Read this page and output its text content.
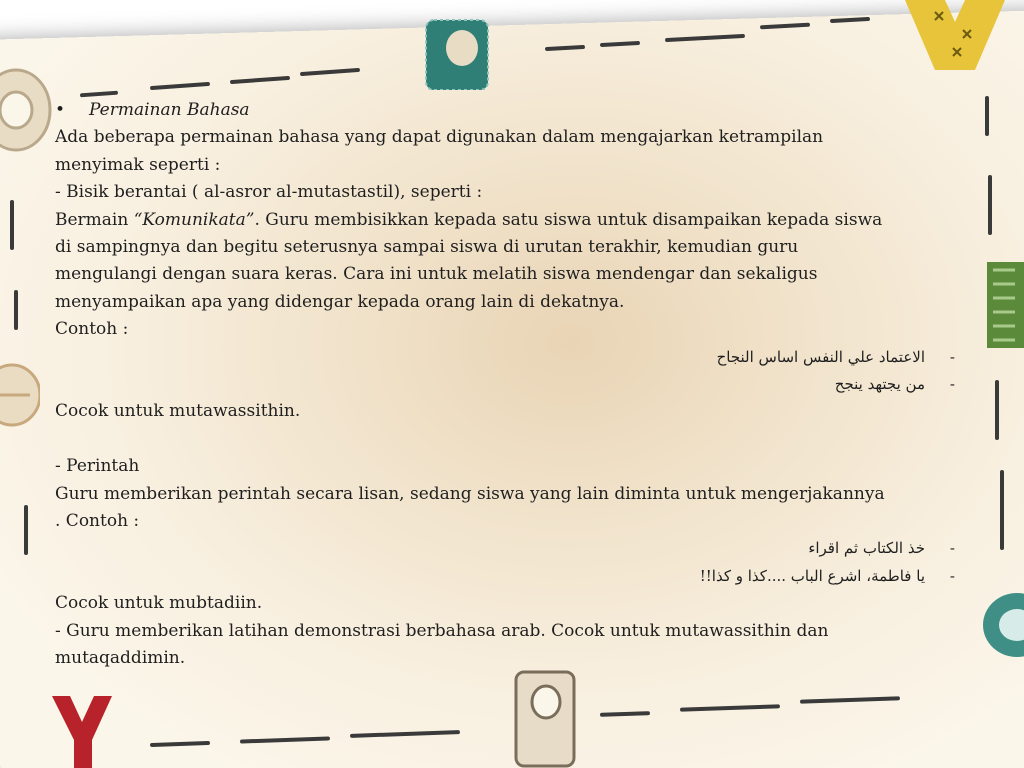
•	Permainan Bahasa
Ada beberapa permainan bahasa yang dapat digunakan dalam mengajarkan ketrampilan
menyimak seperti :
- Bisik berantai ( al-asror al-mutastastil), seperti :
Bermain “Komunikata”. Guru membisikkan kepada satu siswa untuk disampaikan kepada siswa
di sampingnya dan begitu seterusnya sampai siswa di urutan terakhir, kemudian guru
mengulangi dengan suara keras. Cara ini untuk melatih siswa mendengar dan sekaligus
menyampaikan apa yang didengar kepada orang lain di dekatnya.
Contoh :
-
الاعتماد علي النفس اساس النجاح
-
من يجتهد ينجح
Cocok untuk mutawassithin.
- Perintah
Guru memberikan perintah secara lisan, sedang siswa yang lain diminta untuk mengerjakannya
. Contoh :
-
خذ الكتاب ثم اقراء
-
يا فاطمة، اشرع الباب ....كذا و كذا!!
Cocok untuk mubtadiin.
- Guru memberikan latihan demonstrasi berbahasa arab. Cocok untuk mutawassithin dan
mutaqaddimin.
